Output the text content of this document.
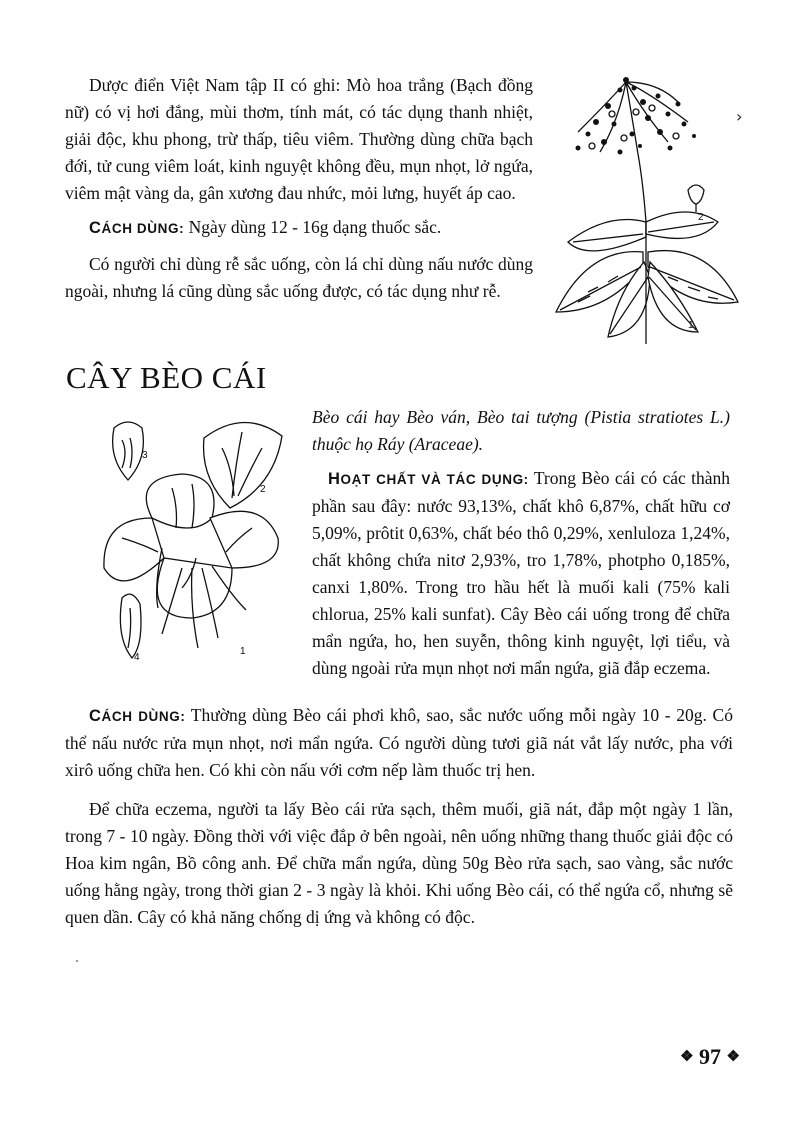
Dược điển Việt Nam tập II có ghi: Mò hoa trắng (Bạch đồng nữ) có vị hơi đắng, mùi thơm, tính mát, có tác dụng thanh nhiệt, giải độc, khu phong, trừ thấp, tiêu viêm. Thường dùng chữa bạch đới, tử cung viêm loát, kinh nguyệt không đều, mụn nhọt, lở ngứa, viêm mật vàng da, gân xương đau nhức, mỏi lưng, huyết áp cao.

CÁCH DÙNG: Ngày dùng 12 - 16g dạng thuốc sắc.

Có người chỉ dùng rễ sắc uống, còn lá chỉ dùng nấu nước dùng ngoài, nhưng lá cũng dùng sắc uống được, có tác dụng như rễ.

›
2
1
CÂY BÈO CÁI
3
2
4
1

Bèo cái hay Bèo ván, Bèo tai tượng (Pistia stratiotes L.) thuộc họ Ráy (Araceae).

HOẠT CHẤT VÀ TÁC DỤNG: Trong Bèo cái có các thành phần sau đây: nước 93,13%, chất khô 6,87%, chất hữu cơ 5,09%, prôtit 0,63%, chất béo thô 0,29%, xenluloza 1,24%, chất không chứa nitơ 2,93%, tro 1,78%, photpho 0,185%, canxi 1,80%. Trong tro hầu hết là muối kali (75% kali chlorua, 25% kali sunfat). Cây Bèo cái uống trong để chữa mẩn ngứa, ho, hen suyễn, thông kinh nguyệt, lợi tiểu, và dùng ngoài rửa mụn nhọt nơi mẩn ngứa, giã đắp eczema.

CÁCH DÙNG: Thường dùng Bèo cái phơi khô, sao, sắc nước uống mỗi ngày 10 - 20g. Có thể nấu nước rửa mụn nhọt, nơi mẩn ngứa. Có người dùng tươi giã nát vắt lấy nước, pha với xirô uống chữa hen. Có khi còn nấu với cơm nếp làm thuốc trị hen.

Để chữa eczema, người ta lấy Bèo cái rửa sạch, thêm muối, giã nát, đắp một ngày 1 lần, trong 7 - 10 ngày. Đồng thời với việc đắp ở bên ngoài, nên uống những thang thuốc giải độc có Hoa kim ngân, Bồ công anh. Để chữa mẩn ngứa, dùng 50g Bèo rửa sạch, sao vàng, sắc nước uống hằng ngày, trong thời gian 2 - 3 ngày là khỏi. Khi uống Bèo cái, có thể ngứa cổ, nhưng sẽ quen dần. Cây có khả năng chống dị ứng và không có độc.

❖ 97 ❖
